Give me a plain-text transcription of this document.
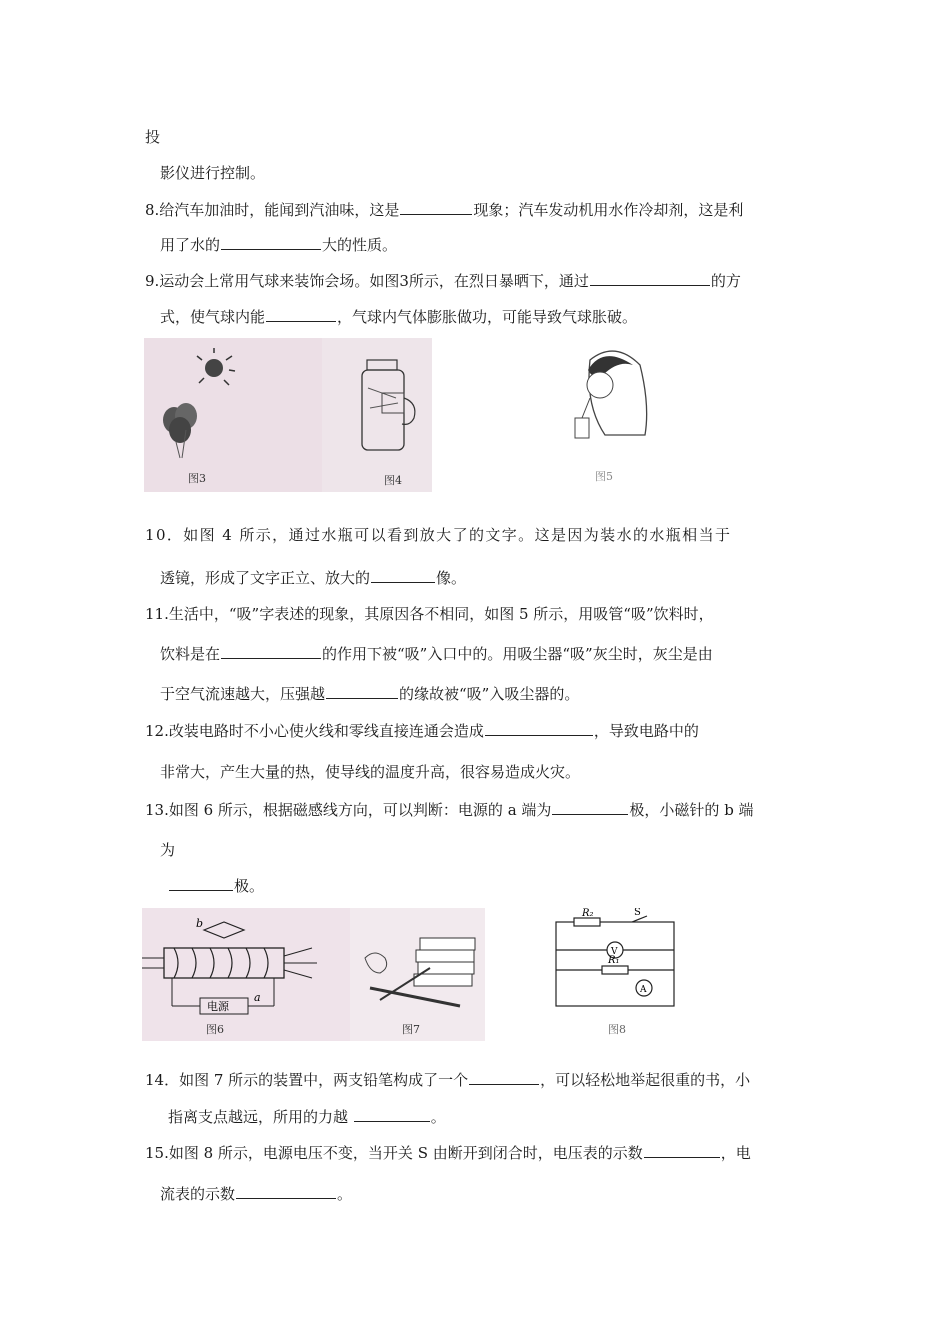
投
影仪进行控制。
8.给汽车加油时，能闻到汽油味，这是	现象；汽车发动机用水作冷却剂，这是利
用了水的	大的性质。
9.运动会上常用气球来装饰会场。如图3所示，在烈日暴晒下，通过	的方
式，使气球内能	，气球内气体膨胀做功，可能导致气球胀破。
图3	图4	图5
10．如图 4 所示，通过水瓶可以看到放大了的文字。这是因为装水的水瓶相当于
透镜，形成了文字正立、放大的	像。
11.生活中，“吸”字表述的现象，其原因各不相同，如图 5 所示，用吸管“吸”饮料时，
饮料是在	的作用下被“吸”入口中的。用吸尘器“吸”灰尘时，灰尘是由
于空气流速越大，压强越	的缘故被“吸”入吸尘器的。
12.改装电路时不小心使火线和零线直接连通会造成	，导致电路中的
非常大，产生大量的热，使导线的温度升高，很容易造成火灾。
13.如图 6 所示，根据磁感线方向，可以判断：电源的 a 端为	极，小磁针的 b 端
为
极。
b
电源
a
图6	图7
R₂	S
V
R₁
A
图8
14．如图 7 所示的装置中，两支铅笔构成了一个	，可以轻松地举起很重的书，小
指离支点越远，所用的力越	。
15.如图 8 所示，电源电压不变，当开关 S 由断开到闭合时，电压表的示数	，电
流表的示数	。
